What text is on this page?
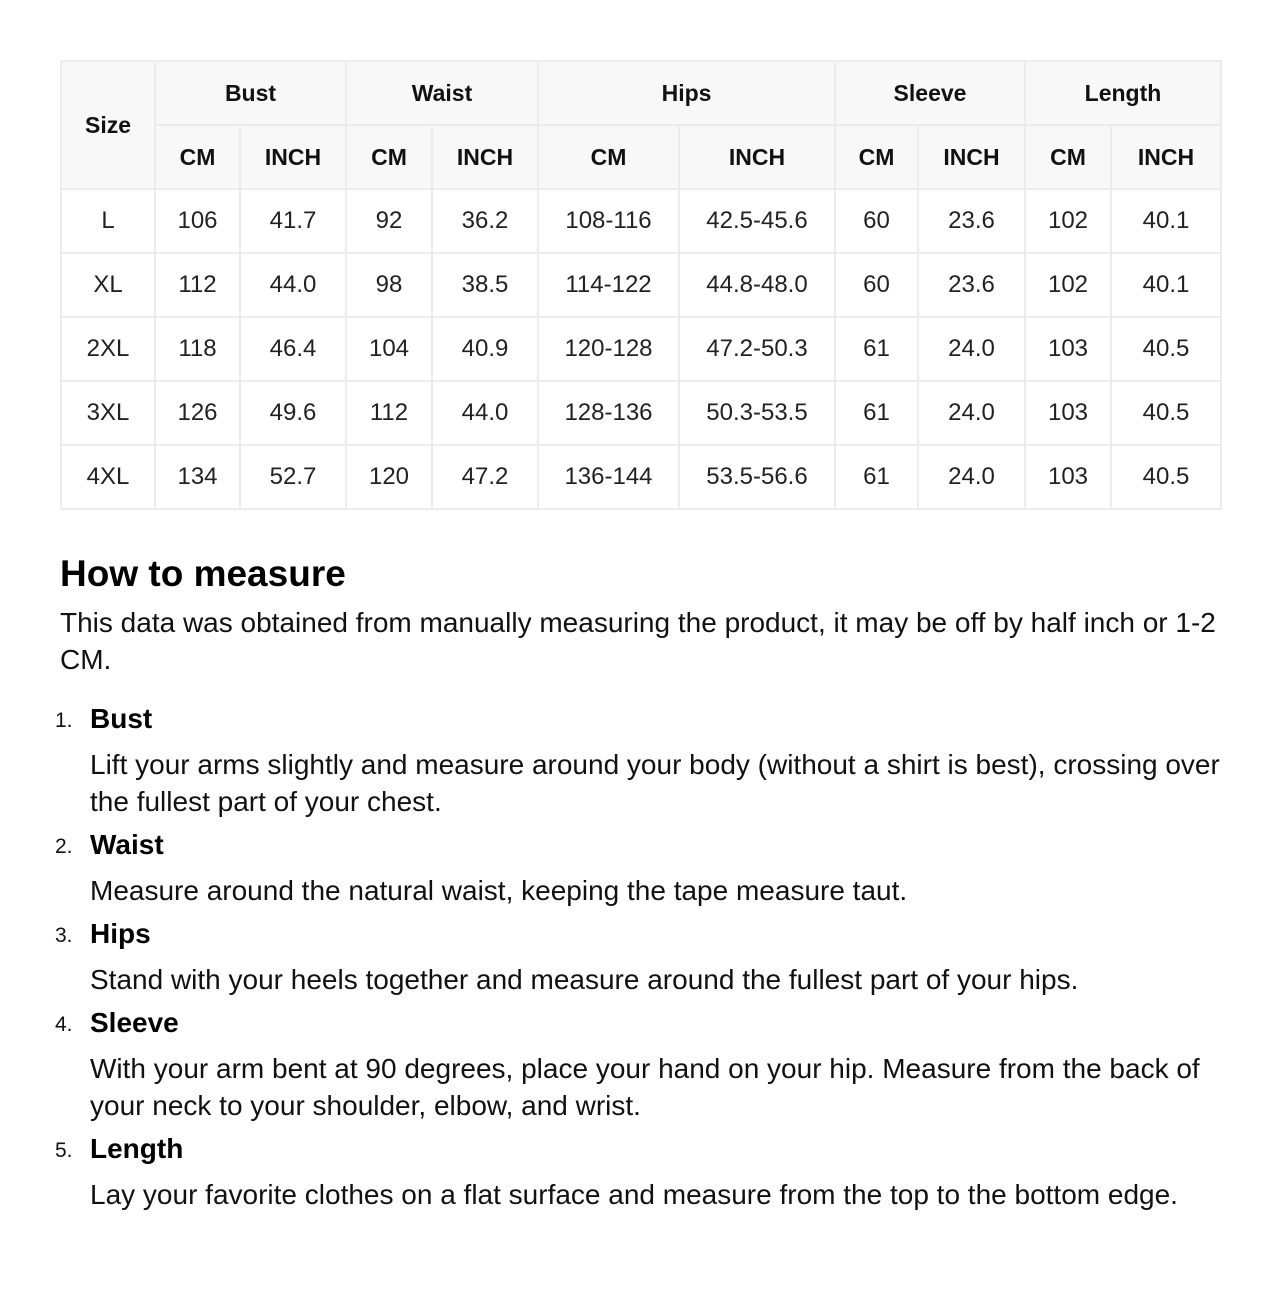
Size	Bust		Waist		Hips		Sleeve		Length	
	CM	INCH	CM	INCH	CM	INCH	CM	INCH	CM	INCH
L	106	41.7	92	36.2	108-116	42.5-45.6	60	23.6	102	40.1
XL	112	44.0	98	38.5	114-122	44.8-48.0	60	23.6	102	40.1
2XL	118	46.4	104	40.9	120-128	47.2-50.3	61	24.0	103	40.5
3XL	126	49.6	112	44.0	128-136	50.3-53.5	61	24.0	103	40.5
4XL	134	52.7	120	47.2	136-144	53.5-56.6	61	24.0	103	40.5
How to measure

This data was obtained from manually measuring the product, it may be off by half inch or 1-2 CM.

1. Bust
Lift your arms slightly and measure around your body (without a shirt is best), crossing over the fullest part of your chest.
2. Waist
Measure around the natural waist, keeping the tape measure taut.
3. Hips
Stand with your heels together and measure around the fullest part of your hips.
4. Sleeve
With your arm bent at 90 degrees, place your hand on your hip. Measure from the back of your neck to your shoulder, elbow, and wrist.
5. Length
Lay your favorite clothes on a flat surface and measure from the top to the bottom edge.
